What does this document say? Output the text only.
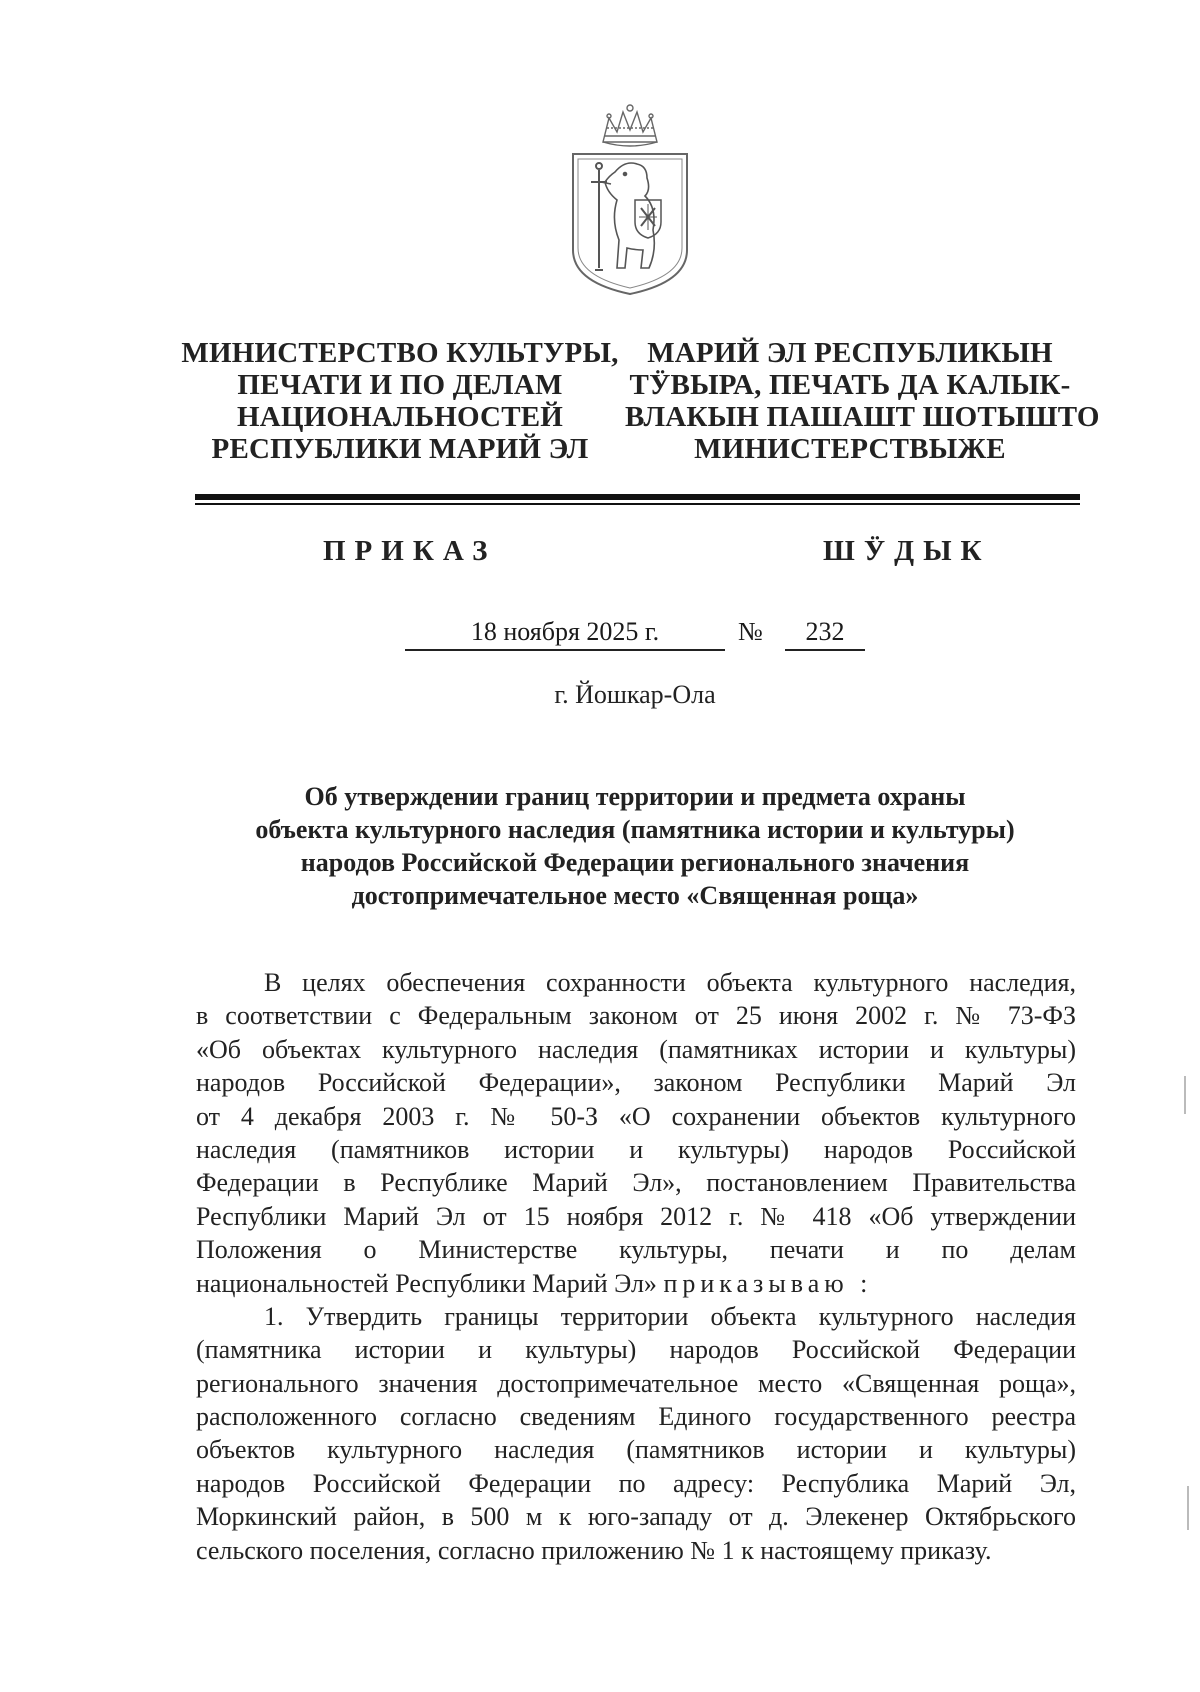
МИНИСТЕРСТВО КУЛЬТУРЫ,
ПЕЧАТИ И ПО ДЕЛАМ
НАЦИОНАЛЬНОСТЕЙ
РЕСПУБЛИКИ МАРИЙ ЭЛ
МАРИЙ ЭЛ РЕСПУБЛИКЫН
ТӰВЫРА, ПЕЧАТЬ ДА КАЛЫК-
ВЛАКЫН ПАШАШТ ШОТЫШТО
МИНИСТЕРСТВЫЖЕ
ПРИКАЗ	ШӰДЫК
18 ноября 2025 г.	№	232
г. Йошкар-Ола
Об утверждении границ территории и предмета охраны
объекта культурного наследия (памятника истории и культуры)
народов Российской Федерации регионального значения
достопримечательное место «Священная роща»
В целях обеспечения сохранности объекта культурного наследия,
в соответствии с Федеральным законом от 25 июня 2002 г. № 73-ФЗ
«Об объектах культурного наследия (памятниках истории и культуры)
народов Российской Федерации», законом Республики Марий Эл
от 4 декабря 2003 г. № 50-З «О сохранении объектов культурного
наследия (памятников истории и культуры) народов Российской
Федерации в Республике Марий Эл», постановлением Правительства
Республики Марий Эл от 15 ноября 2012 г. № 418 «Об утверждении
Положения о Министерстве культуры, печати и по делам
национальностей Республики Марий Эл» приказываю :
1. Утвердить границы территории объекта культурного наследия
(памятника истории и культуры) народов Российской Федерации
регионального значения достопримечательное место «Священная роща»,
расположенного согласно сведениям Единого государственного реестра
объектов культурного наследия (памятников истории и культуры)
народов Российской Федерации по адресу: Республика Марий Эл,
Моркинский район, в 500 м к юго-западу от д. Элекенер Октябрьского
сельского поселения, согласно приложению № 1 к настоящему приказу.
